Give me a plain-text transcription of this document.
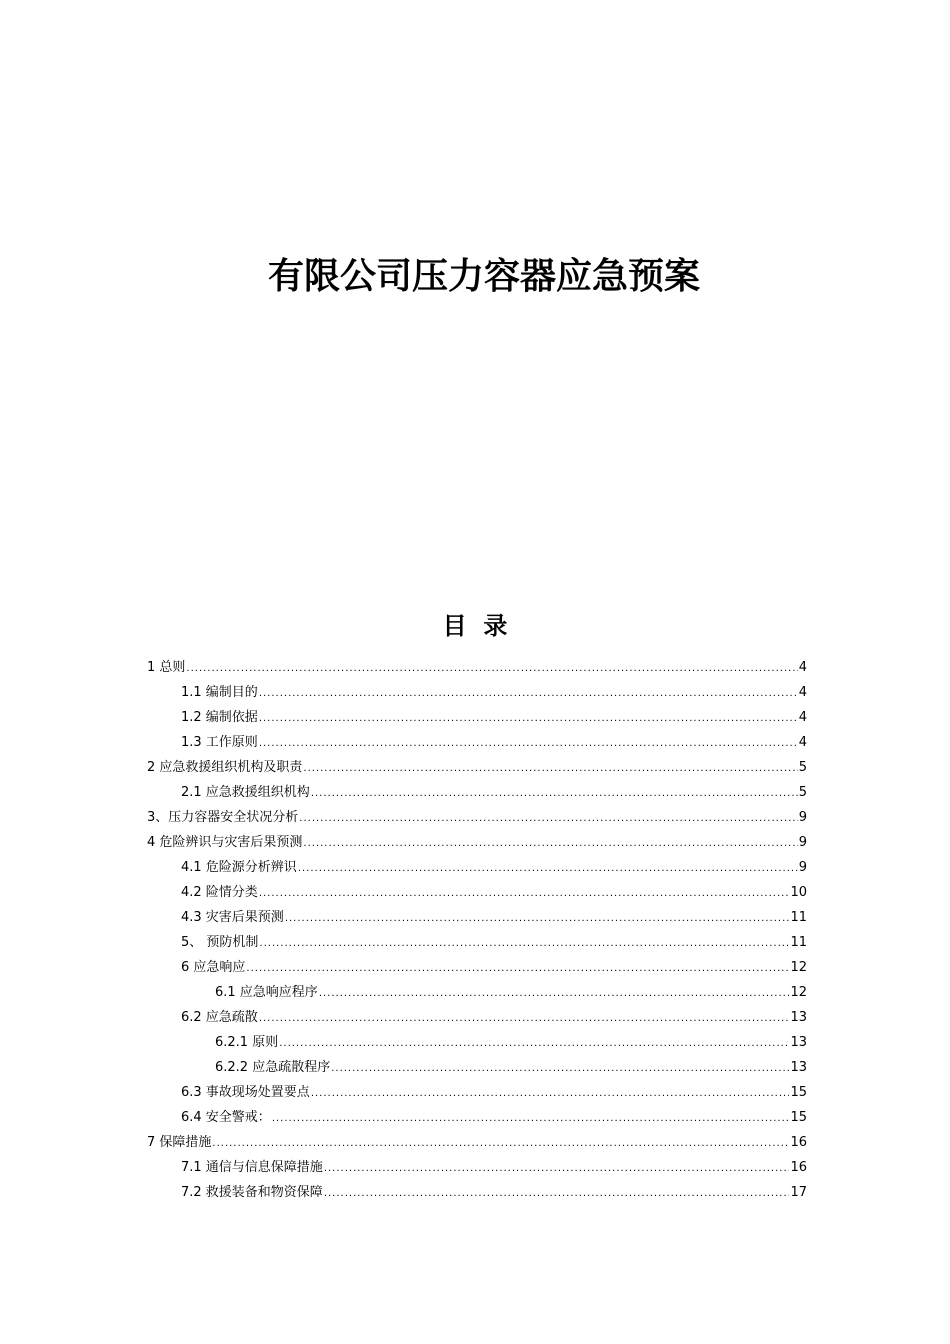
有限公司压力容器应急预案
目  录
1 总则 .....	4
1.1 编制目的 .....	4
1.2 编制依据 .....	4
1.3 工作原则 .....	4
2 应急救援组织机构及职责 .....	5
2.1 应急救援组织机构 .....	5
3、压力容器安全状况分析 .....	9
4 危险辨识与灾害后果预测 .....	9
4.1 危险源分析辨识 .....	9
4.2 险情分类 .....	10
4.3 灾害后果预测 .....	11
5、 预防机制 .....	11
6 应急响应 .....	12
6.1 应急响应程序 .....	12
6.2 应急疏散 .....	13
6.2.1 原则 .....	13
6.2.2 应急疏散程序 .....	13
6.3 事故现场处置要点 .....	15
6.4 安全警戒： .....	15
7 保障措施 .....	16
7.1 通信与信息保障措施 .....	16
7.2 救援装备和物资保障 .....	17
